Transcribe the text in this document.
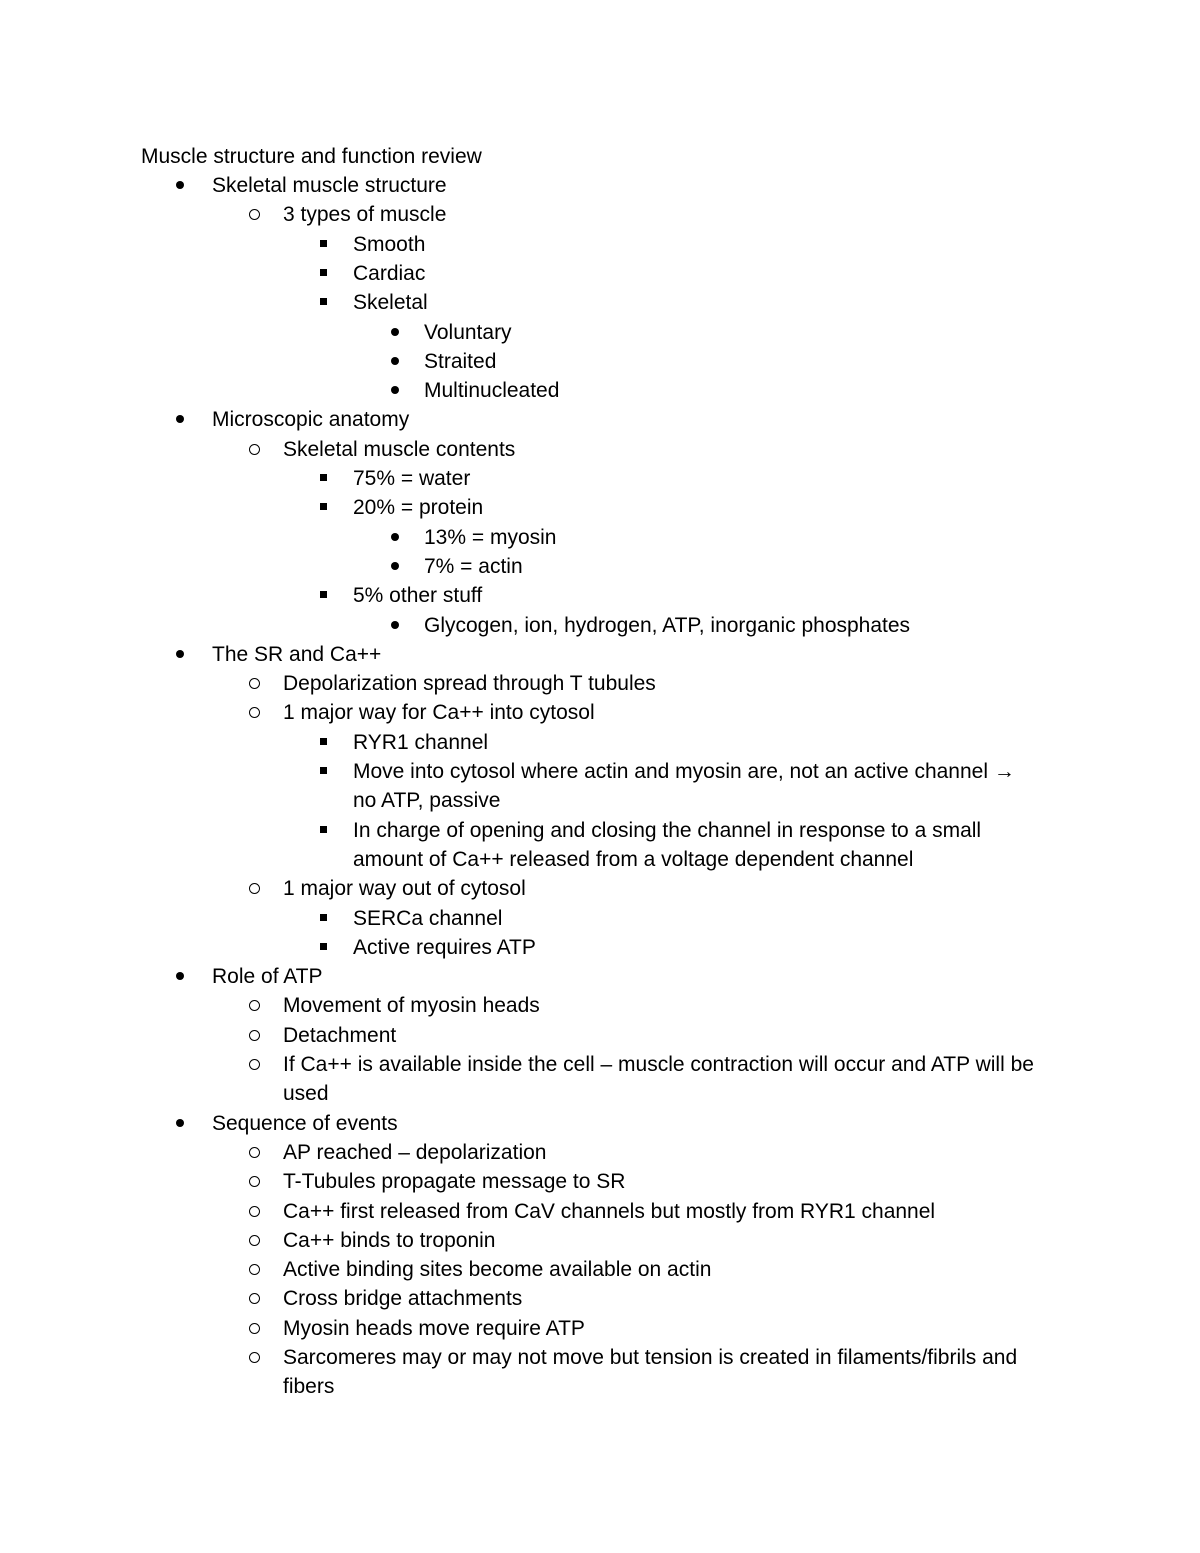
Muscle structure and function review
Skeletal muscle structure
3 types of muscle
Smooth
Cardiac
Skeletal
Voluntary
Straited
Multinucleated
Microscopic anatomy
Skeletal muscle contents
75% = water
20% = protein
13% = myosin
7% = actin
5% other stuff
Glycogen, ion, hydrogen, ATP, inorganic phosphates
The SR and Ca++
Depolarization spread through T tubules
1 major way for Ca++ into cytosol
RYR1 channel
Move into cytosol where actin and myosin are, not an active channel →
no ATP, passive
In charge of opening and closing the channel in response to a small
amount of Ca++ released from a voltage dependent channel
1 major way out of cytosol
SERCa channel
Active requires ATP
Role of ATP
Movement of myosin heads
Detachment
If Ca++ is available inside the cell – muscle contraction will occur and ATP will be
used
Sequence of events
AP reached – depolarization
T-Tubules propagate message to SR
Ca++ first released from CaV channels but mostly from RYR1 channel
Ca++ binds to troponin
Active binding sites become available on actin
Cross bridge attachments
Myosin heads move require ATP
Sarcomeres may or may not move but tension is created in filaments/fibrils and
fibers
